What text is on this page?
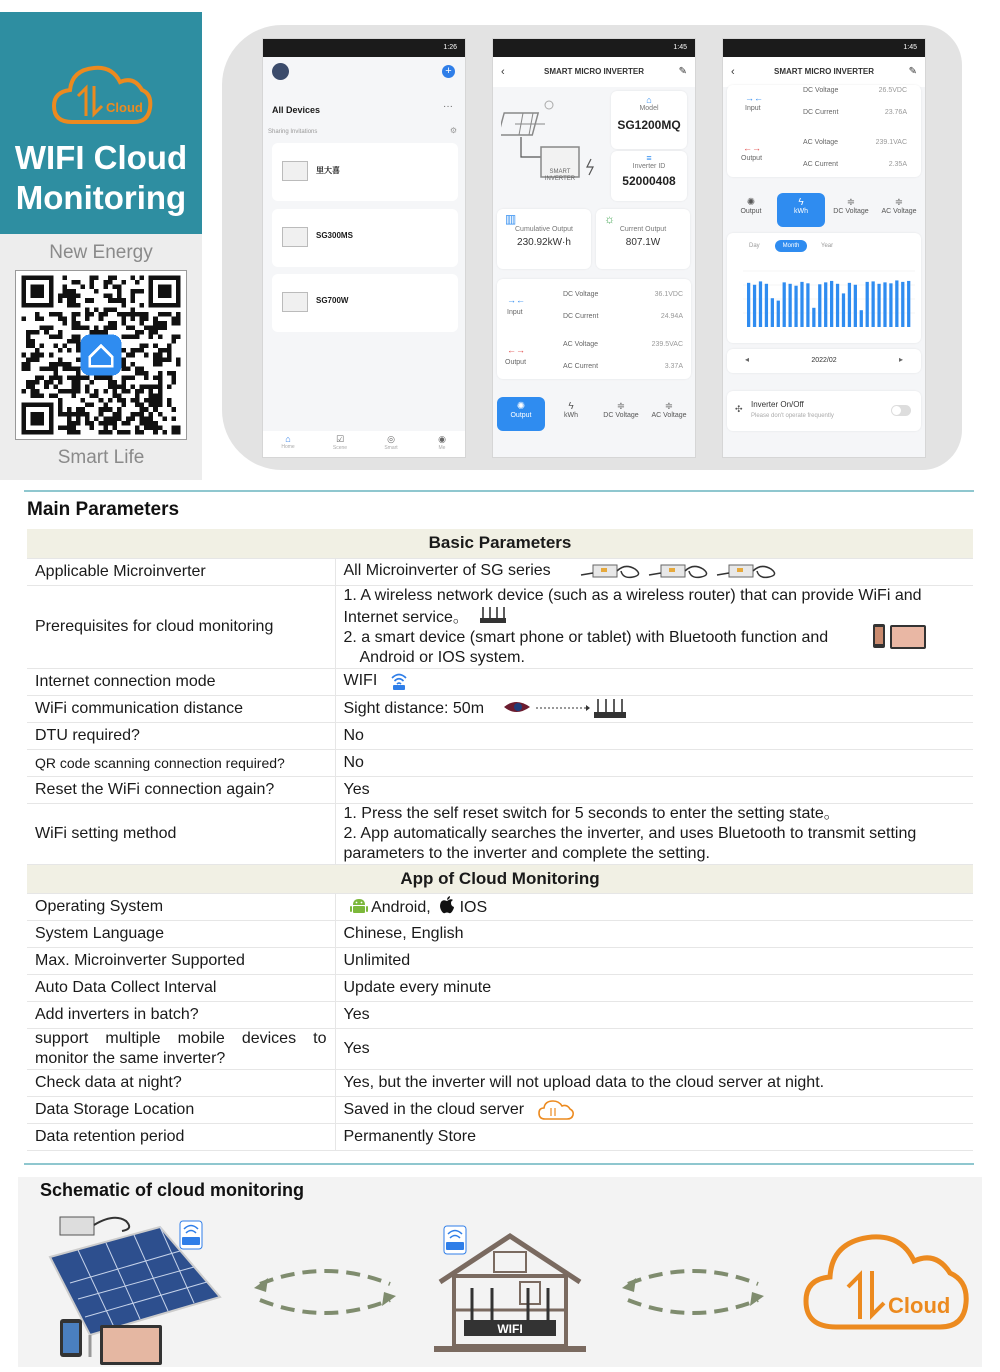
Cloud
WIFI Cloud
Monitoring
New Energy
Smart Life
1:26
+
All Devices	···
Sharing Invitations	⚙
里大喜
SG300MS
SG700W
⌂
Home
☑
Scene
◎
Smart
◉
Me
1:45
‹	SMART MICRO INVERTER	✎
SMART INVERTER
⌂
Model
SG1200MQ
≡
Inverter ID
52000408
▥
Cumulative Output
230.92kW·h
☼
Current Output
807.1W
→←
Input
←→
Output
DC Voltage	36.1VDC
DC Current	24.94A
AC Voltage	239.5VAC
AC Current	3.37A
✺
Output
ϟ
kWh
≑
DC Voltage
≑
AC Voltage
1:45
‹	SMART MICRO INVERTER	✎
→←
Input
←→
Output
DC Voltage	26.5VDC
DC Current	23.76A
AC Voltage	239.1VAC
AC Current	2.35A
✺
Output
ϟ
kWh
≑
DC Voltage
≑
AC Voltage
Day	Month	Year
◂	2022/02	▸
✣ Inverter On/Off
Please don't operate frequently
Main Parameters
Basic Parameters	
Applicable Microinverter	All Microinverter of SG series
Prerequisites for cloud monitoring	1. A wireless network device (such as a wireless router) that can provide WiFi and
Internet service。
2. a smart device (smart phone or tablet) with Bluetooth function and
Android or IOS system.

Internet connection mode	WIFI
WiFi communication distance	Sight distance: 50m
DTU required?	No
QR code scanning connection required?	No
Reset the WiFi connection again?	Yes
WiFi setting method	1. Press the self reset switch for 5 seconds to enter the setting state。
2. App automatically searches the inverter, and uses Bluetooth to transmit setting
parameters to the inverter and complete the setting.

App of Cloud Monitoring	
Operating System	Android, IOS
System Language	Chinese, English
Max. Microinverter Supported	Unlimited
Auto Data Collect Interval	Update every minute
Add inverters in batch?	Yes

support multiple mobile devices to
monitor the same inverter?	Yes
Check data at night?	Yes, but the inverter will not upload data to the cloud server at night.
Data Storage Location	Saved in the cloud server
Data retention period	Permanently Store
Schematic of cloud monitoring
WIFI
Cloud
